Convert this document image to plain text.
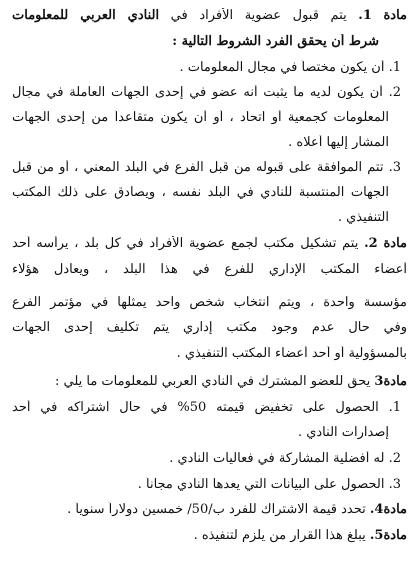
مادة 1. يتم قبول عضوية الأفراد في النادي العربي للمعلومات
شرط أن يحقق الفرد الشروط التالية :
1. أن يكون مختصاً في مجال المعلومات .
2. أن يكون لديه ما يثبت أنه عضو في إحدى الجهات العاملة في مجال
المعلومات كجمعية أو اتحاد ، أو أن يكون متقاعداً من إحدى الجهات
المشار إليها أعلاه .
3. تتم الموافقة على قبوله من قبل الفرع في البلد المعني ، أو من قبل
الجهات المنتسبة للنادي في البلد نفسه ، ويصادق على ذلك المكتب
التنفيذي .
مادة 2. يتم تشكيل مكتب لجمع عضوية الأفراد في كل بلد ، يرأسه أحد
أعضاء المكتب الإداري للفرع في هذا البلد ، ويعادل هؤلاء
مؤسسة واحدة ، ويتم انتخاب شخص واحد يمثلها في مؤتمر الفرع
وفي حال عدم وجود مكتب إداري يتم تكليف إحدى الجهات
بالمسؤولية أو أحد أعضاء المكتب التنفيذي .
مادة3 يحق للعضو المشترك في النادي العربي للمعلومات ما يلي :
1. الحصول على تخفيض قيمته 50% في حال اشتراكه في أحد
إصدارات النادي .
2. له أفضلية المشاركة في فعاليات النادي .
3. الحصول على البيانات التي يعدها النادي مجاناً .
مادة4. تحدد قيمة الاشتراك للفرد ب/50/ خمسين دولاراً سنوياً .
مادة5. يبلغ هذا القرار من يلزم لتنفيذه .
